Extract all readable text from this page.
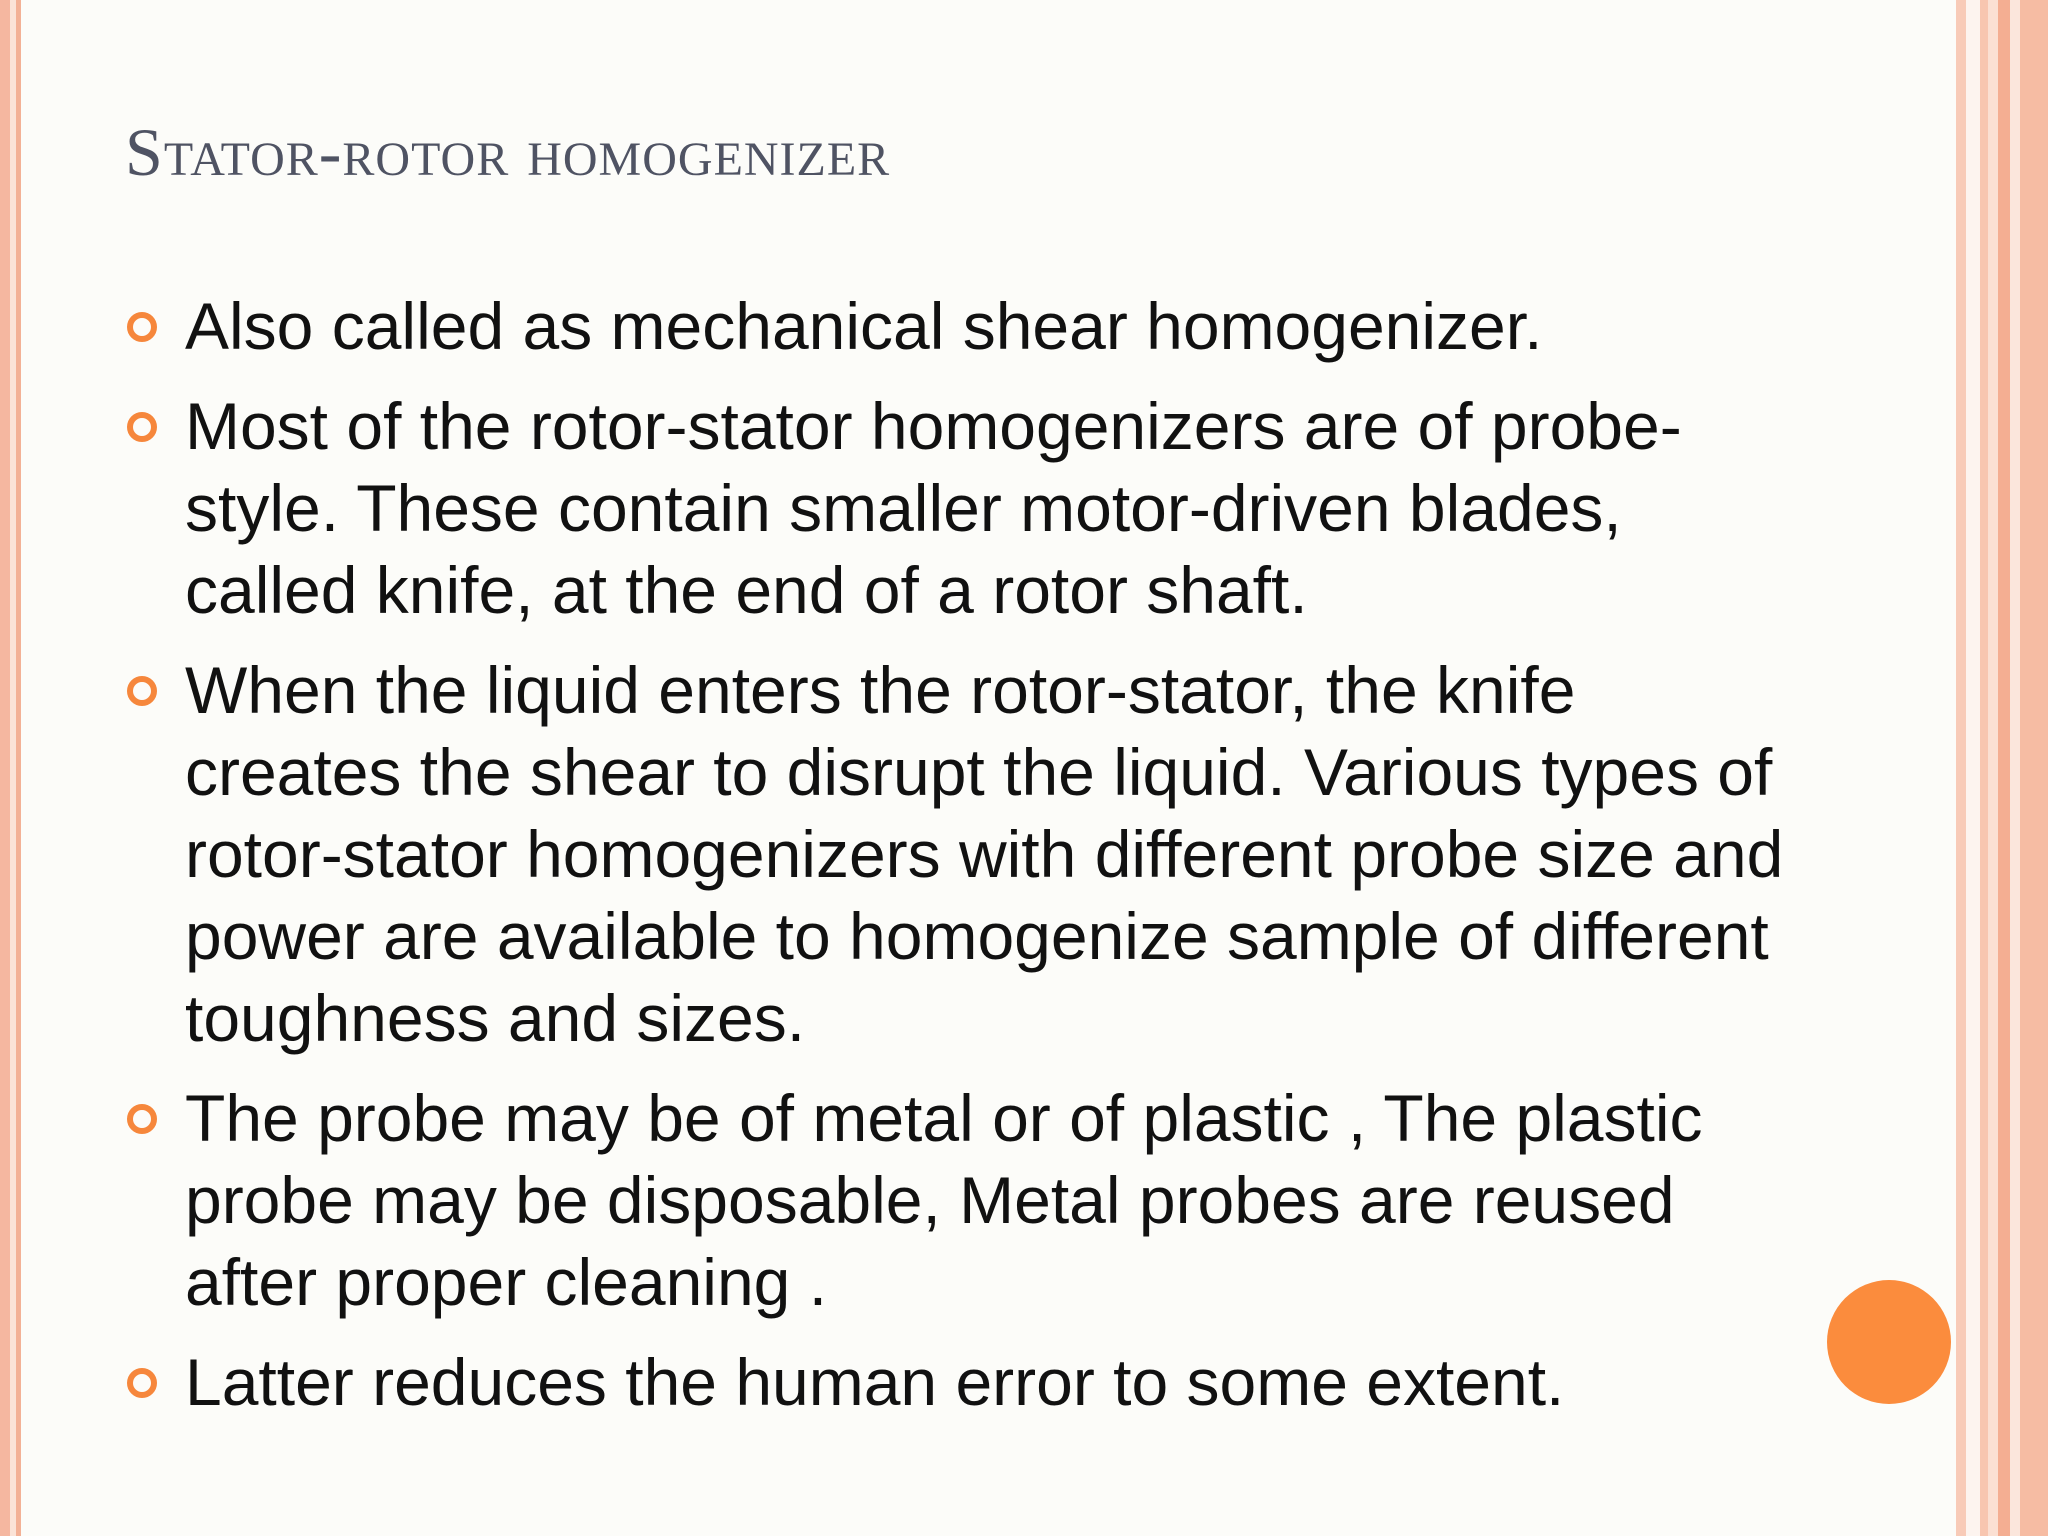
Stator-rotor homogenizer
Also called as mechanical shear homogenizer.
Most of the rotor-stator homogenizers are of probe-style. These contain smaller motor-driven blades, called knife, at the end of a rotor shaft.
When the liquid enters the rotor-stator, the knife creates the shear to disrupt the liquid. Various types of rotor-stator homogenizers with different probe size and power are available to homogenize sample of different toughness and sizes.
The probe may be of metal or of plastic , The plastic probe may be disposable, Metal probes are reused after proper cleaning .
Latter reduces the human error to some extent.
